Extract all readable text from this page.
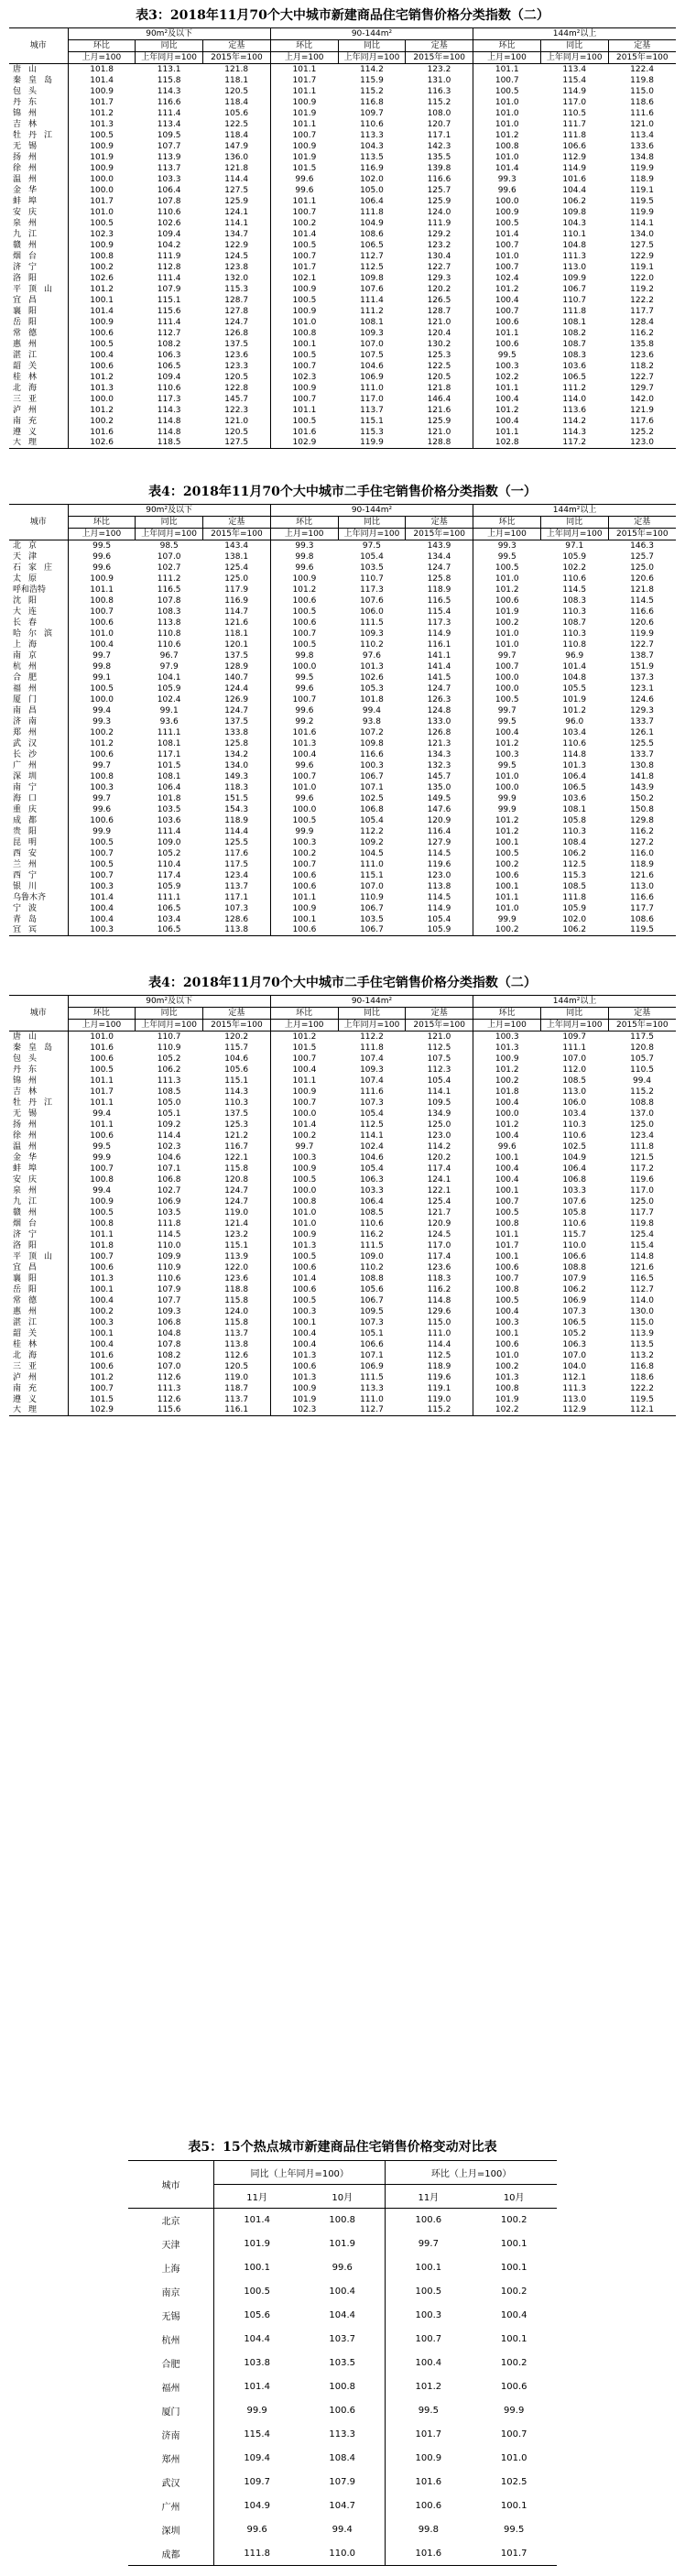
表3：2018年11月70个大中城市新建商品住宅销售价格分类指数（二）
城市	90m²及以下			90-144m²			144m²以上		
	环比	同比	定基	环比	同比	定基	环比	同比	定基
	上月=100	上年同月=100	2015年=100	上月=100	上年同月=100	2015年=100	上月=100	上年同月=100	2015年=100
唐山	101.8	113.1	121.8	101.1	114.2	123.2	101.1	113.4	122.4
秦皇岛	101.4	115.8	118.1	101.7	115.9	131.0	100.7	115.4	119.8
包头	100.9	114.3	120.5	101.1	115.2	116.3	100.5	114.9	115.0
丹东	101.7	116.6	118.4	100.9	116.8	115.2	101.0	117.0	118.6
锦州	101.2	111.4	105.6	101.9	109.7	108.0	101.0	110.5	111.6
吉林	101.3	113.4	122.5	101.1	110.6	120.7	101.0	111.7	121.0
牡丹江	100.5	109.5	118.4	100.7	113.3	117.1	101.2	111.8	113.4
无锡	100.9	107.7	147.9	100.9	104.3	142.3	100.8	106.6	133.6
扬州	101.9	113.9	136.0	101.9	113.5	135.5	101.0	112.9	134.8
徐州	100.9	113.7	121.8	101.5	116.9	139.8	101.4	114.9	119.9
温州	100.0	103.3	114.4	99.6	102.0	116.6	99.3	101.6	118.9
金华	100.0	106.4	127.5	99.6	105.0	125.7	99.6	104.4	119.1
蚌埠	101.7	107.8	125.9	101.1	106.4	125.9	100.0	106.2	119.5
安庆	101.0	110.6	124.1	100.7	111.8	124.0	100.9	109.8	119.9
泉州	100.5	102.6	114.1	100.2	104.9	111.9	100.5	104.3	114.1
九江	102.3	109.4	134.7	101.4	108.6	129.2	101.4	110.1	134.0
赣州	100.9	104.2	122.9	100.5	106.5	123.2	100.7	104.8	127.5
烟台	100.8	111.9	124.5	100.7	112.7	130.4	101.0	111.3	122.9
济宁	100.2	112.8	123.8	101.7	112.5	122.7	100.7	113.0	119.1
洛阳	102.6	111.4	132.0	102.1	109.8	129.3	102.4	109.9	122.0
平顶山	101.2	107.9	115.3	100.9	107.6	120.2	101.2	106.7	119.2
宜昌	100.1	115.1	128.7	100.5	111.4	126.5	100.4	110.7	122.2
襄阳	101.4	115.6	127.8	100.9	111.2	128.7	100.7	111.8	117.7
岳阳	100.9	111.4	124.7	101.0	108.1	121.0	100.6	108.1	128.4
常德	100.6	112.7	126.8	100.8	109.3	120.4	101.1	108.2	116.2
惠州	100.5	108.2	137.5	100.1	107.0	130.2	100.6	108.7	135.8
湛江	100.4	106.3	123.6	100.5	107.5	125.3	99.5	108.3	123.6
韶关	100.6	106.5	123.3	100.7	104.6	122.5	100.3	103.6	118.2
桂林	101.2	109.4	120.5	102.3	106.9	120.5	102.2	106.5	122.7
北海	101.3	110.6	122.8	100.9	111.0	121.8	101.1	111.2	129.7
三亚	100.0	117.3	145.7	100.7	117.0	146.4	100.4	114.0	142.0
泸州	101.2	114.3	122.3	101.1	113.7	121.6	101.2	113.6	121.9
南充	100.2	114.8	121.0	100.5	115.1	125.9	100.4	114.2	117.6
遵义	101.6	114.8	120.5	101.6	115.3	121.0	101.1	114.3	125.2
大理	102.6	118.5	127.5	102.9	119.9	128.8	102.8	117.2	123.0
表4：2018年11月70个大中城市二手住宅销售价格分类指数（一）
城市	90m²及以下			90-144m²			144m²以上		
	环比	同比	定基	环比	同比	定基	环比	同比	定基
	上月=100	上年同月=100	2015年=100	上月=100	上年同月=100	2015年=100	上月=100	上年同月=100	2015年=100
北京	99.5	98.5	143.4	99.3	97.5	143.9	99.3	97.1	146.3
天津	99.6	107.0	138.1	99.8	105.4	134.4	99.5	105.9	125.7
石家庄	99.6	102.7	125.4	99.6	103.5	124.7	100.5	102.2	125.0
太原	100.9	111.2	125.0	100.9	110.7	125.8	101.0	110.6	120.6
呼和浩特	101.1	116.5	117.9	101.2	117.3	118.9	101.2	114.5	121.8
沈阳	100.8	107.8	116.9	100.6	107.6	116.5	100.6	108.3	114.5
大连	100.7	108.3	114.7	100.5	106.0	115.4	101.9	110.3	116.6
长春	100.6	113.8	121.6	100.6	111.5	117.3	100.2	108.7	120.6
哈尔滨	101.0	110.8	118.1	100.7	109.3	114.9	101.0	110.3	119.9
上海	100.4	110.6	120.1	100.5	110.2	116.1	101.0	110.8	122.7
南京	99.7	96.7	137.5	99.8	97.6	141.1	99.7	96.9	138.7
杭州	99.8	97.9	128.9	100.0	101.3	141.4	100.7	101.4	151.9
合肥	99.1	104.1	140.7	99.5	102.6	141.5	100.0	104.8	137.3
福州	100.5	105.9	124.4	99.6	105.3	124.7	100.0	105.5	123.1
厦门	100.0	102.4	126.9	100.7	101.8	126.3	100.5	101.9	124.6
南昌	99.4	99.1	124.7	99.6	99.4	124.8	99.7	101.2	129.3
济南	99.3	93.6	137.5	99.2	93.8	133.0	99.5	96.0	133.7
郑州	100.2	111.1	133.8	101.6	107.2	126.8	100.4	103.4	126.1
武汉	101.2	108.1	125.8	101.3	109.8	121.3	101.2	110.6	125.5
长沙	100.6	117.1	134.2	100.4	116.6	134.3	100.3	114.8	133.7
广州	99.7	101.5	134.0	99.6	100.3	132.3	99.5	101.3	130.8
深圳	100.8	108.1	149.3	100.7	106.7	145.7	101.0	106.4	141.8
南宁	100.3	106.4	118.3	101.0	107.1	135.0	100.0	106.5	143.9
海口	99.7	101.8	151.5	99.6	102.5	149.5	99.9	103.6	150.2
重庆	99.6	103.5	154.3	100.0	106.8	147.6	99.9	108.1	150.8
成都	100.6	103.6	118.9	100.5	105.4	120.9	101.2	105.8	129.8
贵阳	99.9	111.4	114.4	99.9	112.2	116.4	101.2	110.3	116.2
昆明	100.5	109.0	125.5	100.3	109.2	127.9	100.1	108.4	127.2
西安	100.7	105.2	117.6	100.2	104.5	114.5	100.5	106.2	116.0
兰州	100.5	110.4	117.5	100.7	111.0	119.6	100.2	112.5	118.9
西宁	100.7	117.4	123.4	100.6	115.1	123.0	100.6	115.3	121.6
银川	100.3	105.9	113.7	100.6	107.0	113.8	100.1	108.5	113.0
乌鲁木齐	101.4	111.1	117.1	101.1	110.9	114.5	101.1	111.8	116.6
宁波	100.4	106.5	107.3	100.9	106.7	114.9	101.0	105.9	117.7
青岛	100.4	103.4	128.6	100.1	103.5	105.4	99.9	102.0	108.6
宜宾	100.3	106.5	113.8	100.6	106.7	105.9	100.2	106.2	119.5
表4：2018年11月70个大中城市二手住宅销售价格分类指数（二）
城市	90m²及以下			90-144m²			144m²以上		
	环比	同比	定基	环比	同比	定基	环比	同比	定基
	上月=100	上年同月=100	2015年=100	上月=100	上年同月=100	2015年=100	上月=100	上年同月=100	2015年=100
唐山	101.0	110.7	120.2	101.2	112.2	121.0	100.3	109.7	117.5
秦皇岛	101.6	110.9	115.7	101.5	111.8	112.5	101.3	111.1	120.8
包头	100.6	105.2	104.6	100.7	107.4	107.5	100.9	107.0	105.7
丹东	100.5	106.2	105.6	100.4	109.3	112.3	101.2	112.0	110.5
锦州	101.1	111.3	115.1	101.1	107.4	105.4	100.2	108.5	99.4
吉林	101.7	108.5	114.3	100.9	111.6	114.1	101.8	113.0	115.2
牡丹江	101.1	105.0	110.3	100.7	107.3	109.5	100.4	106.0	108.8
无锡	99.4	105.1	137.5	100.0	105.4	134.9	100.0	103.4	137.0
扬州	101.1	109.2	125.3	101.4	112.5	125.0	101.2	110.3	125.0
徐州	100.6	114.4	121.2	100.2	114.1	123.0	100.4	110.6	123.4
温州	99.5	102.3	116.7	99.7	102.4	114.2	99.6	102.5	111.8
金华	99.9	104.6	122.1	100.3	104.6	120.2	100.1	104.9	121.5
蚌埠	100.7	107.1	115.8	100.9	105.4	117.4	100.4	106.4	117.2
安庆	100.8	106.8	120.8	100.5	106.3	124.1	100.4	106.8	119.6
泉州	99.4	102.7	124.7	100.0	103.3	122.1	100.1	103.3	117.0
九江	100.9	106.9	124.7	100.8	106.4	125.4	100.7	107.6	125.0
赣州	100.5	103.5	119.0	101.0	108.5	121.7	100.5	105.8	117.7
烟台	100.8	111.8	121.4	101.0	110.6	120.9	100.8	110.6	119.8
济宁	101.1	114.5	123.2	100.9	116.2	124.5	101.1	115.7	125.4
洛阳	101.8	110.0	115.1	101.3	111.5	117.0	101.7	110.0	115.4
平顶山	100.7	109.9	113.9	100.5	109.0	117.4	100.1	106.6	114.8
宜昌	100.6	110.9	122.0	100.6	110.2	123.6	100.6	108.8	121.6
襄阳	101.3	110.6	123.6	101.4	108.8	118.3	100.7	107.9	116.5
岳阳	100.1	107.9	118.8	100.6	105.6	116.2	100.8	106.2	112.7
常德	100.4	107.7	115.8	100.5	106.7	114.8	100.5	106.9	114.0
惠州	100.2	109.3	124.0	100.3	109.5	129.6	100.4	107.3	130.0
湛江	100.3	106.8	115.8	100.1	107.3	115.0	100.3	106.5	115.0
韶关	100.1	104.8	113.7	100.4	105.1	111.0	100.1	105.2	113.9
桂林	100.4	107.8	113.8	100.4	106.6	114.4	100.6	106.3	113.5
北海	101.6	108.2	112.6	101.3	107.1	112.5	101.0	107.0	113.2
三亚	100.6	107.0	120.5	100.6	106.9	118.9	100.2	104.0	116.8
泸州	101.2	112.6	119.0	101.3	111.5	119.6	101.3	112.1	118.6
南充	100.7	111.3	118.7	100.9	113.3	119.1	100.8	111.3	122.2
遵义	101.5	112.6	113.7	101.9	111.0	119.0	101.9	113.0	119.5
大理	102.9	115.6	116.1	102.3	112.7	115.2	102.2	112.9	112.1
表5：15个热点城市新建商品住宅销售价格变动对比表
城市	同比（上年同月=100）		环比（上月=100）	
	11月	10月	11月	10月
北京	101.4	100.8	100.6	100.2
天津	101.9	101.9	99.7	100.1
上海	100.1	99.6	100.1	100.1
南京	100.5	100.4	100.5	100.2
无锡	105.6	104.4	100.3	100.4
杭州	104.4	103.7	100.7	100.1
合肥	103.8	103.5	100.4	100.2
福州	101.4	100.8	101.2	100.6
厦门	99.9	100.6	99.5	99.9
济南	115.4	113.3	101.7	100.7
郑州	109.4	108.4	100.9	101.0
武汉	109.7	107.9	101.6	102.5
广州	104.9	104.7	100.6	100.1
深圳	99.6	99.4	99.8	99.5
成都	111.8	110.0	101.6	101.7
